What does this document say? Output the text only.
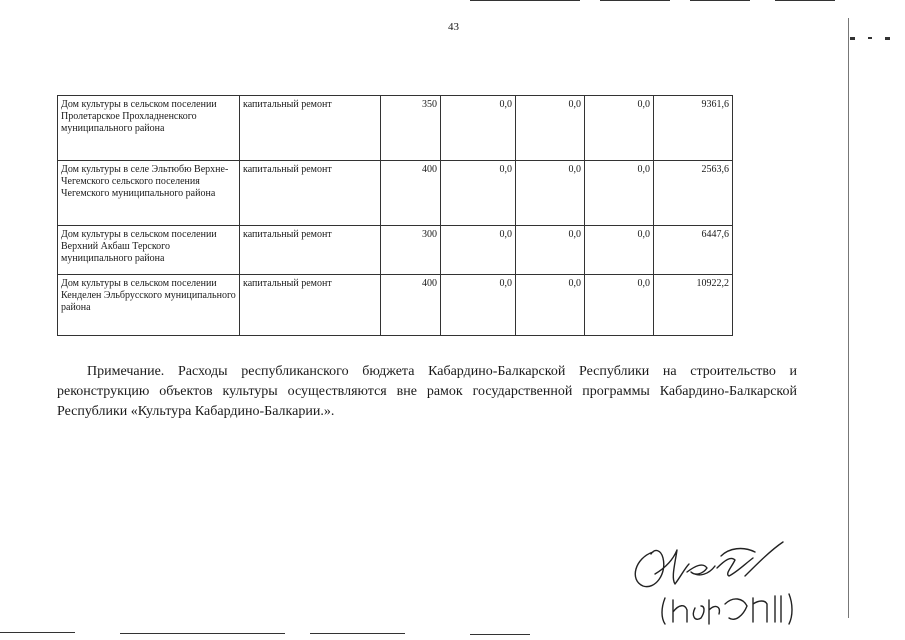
43
Дом культуры в сельском поселении Пролетарское Прохладненского муниципального района	капитальный ремонт	350	0,0	0,0	0,0	9361,6
Дом культуры в селе Эльтюбю Верхне-Чегемского сельского поселения Чегемского муниципального района	капитальный ремонт	400	0,0	0,0	0,0	2563,6
Дом культуры в сельском поселении Верхний Акбаш Терского муниципального района	капитальный ремонт	300	0,0	0,0	0,0	6447,6
Дом культуры в сельском поселении Кенделен Эльбрусского муниципального района	капитальный ремонт	400	0,0	0,0	0,0	10922,2

Примечание. Расходы республиканского бюджета Кабардино-Балкарской Республики на строительство и реконструкцию объектов культуры осуществляются вне рамок государственной программы Кабардино-Балкарской Республики «Культура Кабардино-Балкарии.».
